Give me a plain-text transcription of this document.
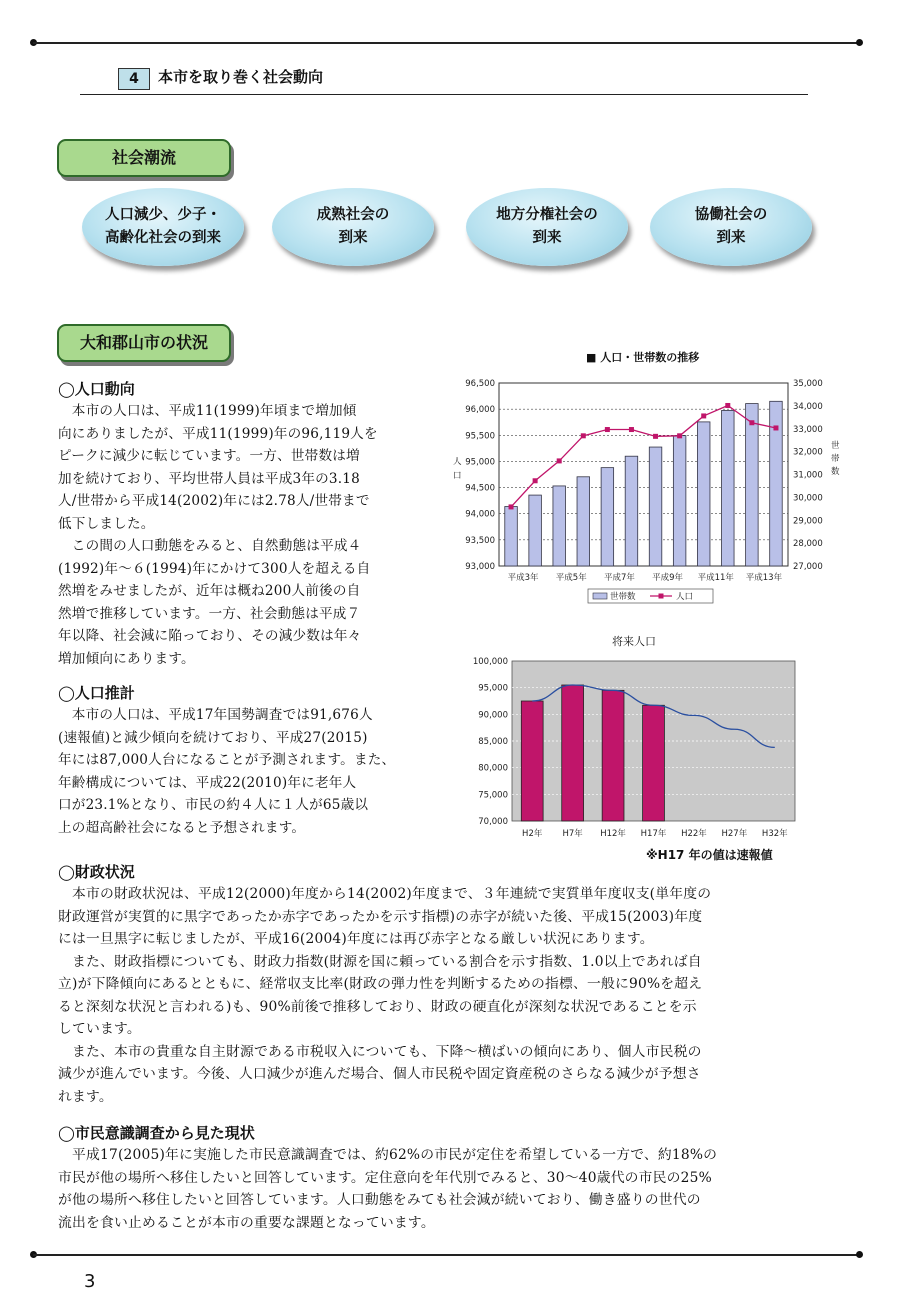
4	本市を取り巻く社会動向
社会潮流
人口減少、少子・
高齢化社会の到来
成熟社会の
到来
地方分権社会の
到来
協働社会の
到来
大和郡山市の状況
◯人口動向
　本市の人口は、平成11(1999)年頃まで増加傾
向にありましたが、平成11(1999)年の96,119人を
ピークに減少に転じています。一方、世帯数は増
加を続けており、平均世帯人員は平成3年の3.18
人/世帯から平成14(2002)年には2.78人/世帯まで
低下しました。
　この間の人口動態をみると、自然動態は平成４
(1992)年～６(1994)年にかけて300人を超える自
然増をみせましたが、近年は概ね200人前後の自
然増で推移しています。一方、社会動態は平成７
年以降、社会減に陥っており、その減少数は年々
増加傾向にあります。
◯人口推計
　本市の人口は、平成17年国勢調査では91,676人
(速報値)と減少傾向を続けており、平成27(2015)
年には87,000人台になることが予測されます。また、
年齢構成については、平成22(2010)年に老年人
口が23.1%となり、市民の約４人に１人が65歳以
上の超高齢社会になると予想されます。
■ 人口・世帯数の推移
93,000
93,500
94,000
94,500
95,000
95,500
96,000
96,500
27,000
28,000
29,000
30,000
31,000
32,000
33,000
34,000
35,000
平成3年 平成5年 平成7年 平成9年 平成11年 平成13年
人口
世帯数
世帯数	人口
将来人口
70,000
75,000
80,000
85,000
90,000
95,000
100,000
H2年 H7年 H12年 H17年 H22年 H27年 H32年
※H17 年の値は速報値
◯財政状況
　本市の財政状況は、平成12(2000)年度から14(2002)年度まで、３年連続で実質単年度収支(単年度の
財政運営が実質的に黒字であったか赤字であったかを示す指標)の赤字が続いた後、平成15(2003)年度
には一旦黒字に転じましたが、平成16(2004)年度には再び赤字となる厳しい状況にあります。
　また、財政指標についても、財政力指数(財源を国に頼っている割合を示す指数、1.0以上であれば自
立)が下降傾向にあるとともに、経常収支比率(財政の弾力性を判断するための指標、一般に90%を超え
ると深刻な状況と言われる)も、90%前後で推移しており、財政の硬直化が深刻な状況であることを示
しています。
　また、本市の貴重な自主財源である市税収入についても、下降～横ばいの傾向にあり、個人市民税の
減少が進んでいます。今後、人口減少が進んだ場合、個人市民税や固定資産税のさらなる減少が予想さ
れます。
◯市民意識調査から見た現状
　平成17(2005)年に実施した市民意識調査では、約62%の市民が定住を希望している一方で、約18%の
市民が他の場所へ移住したいと回答しています。定住意向を年代別でみると、30～40歳代の市民の25%
が他の場所へ移住したいと回答しています。人口動態をみても社会減が続いており、働き盛りの世代の
流出を食い止めることが本市の重要な課題となっています。
3
